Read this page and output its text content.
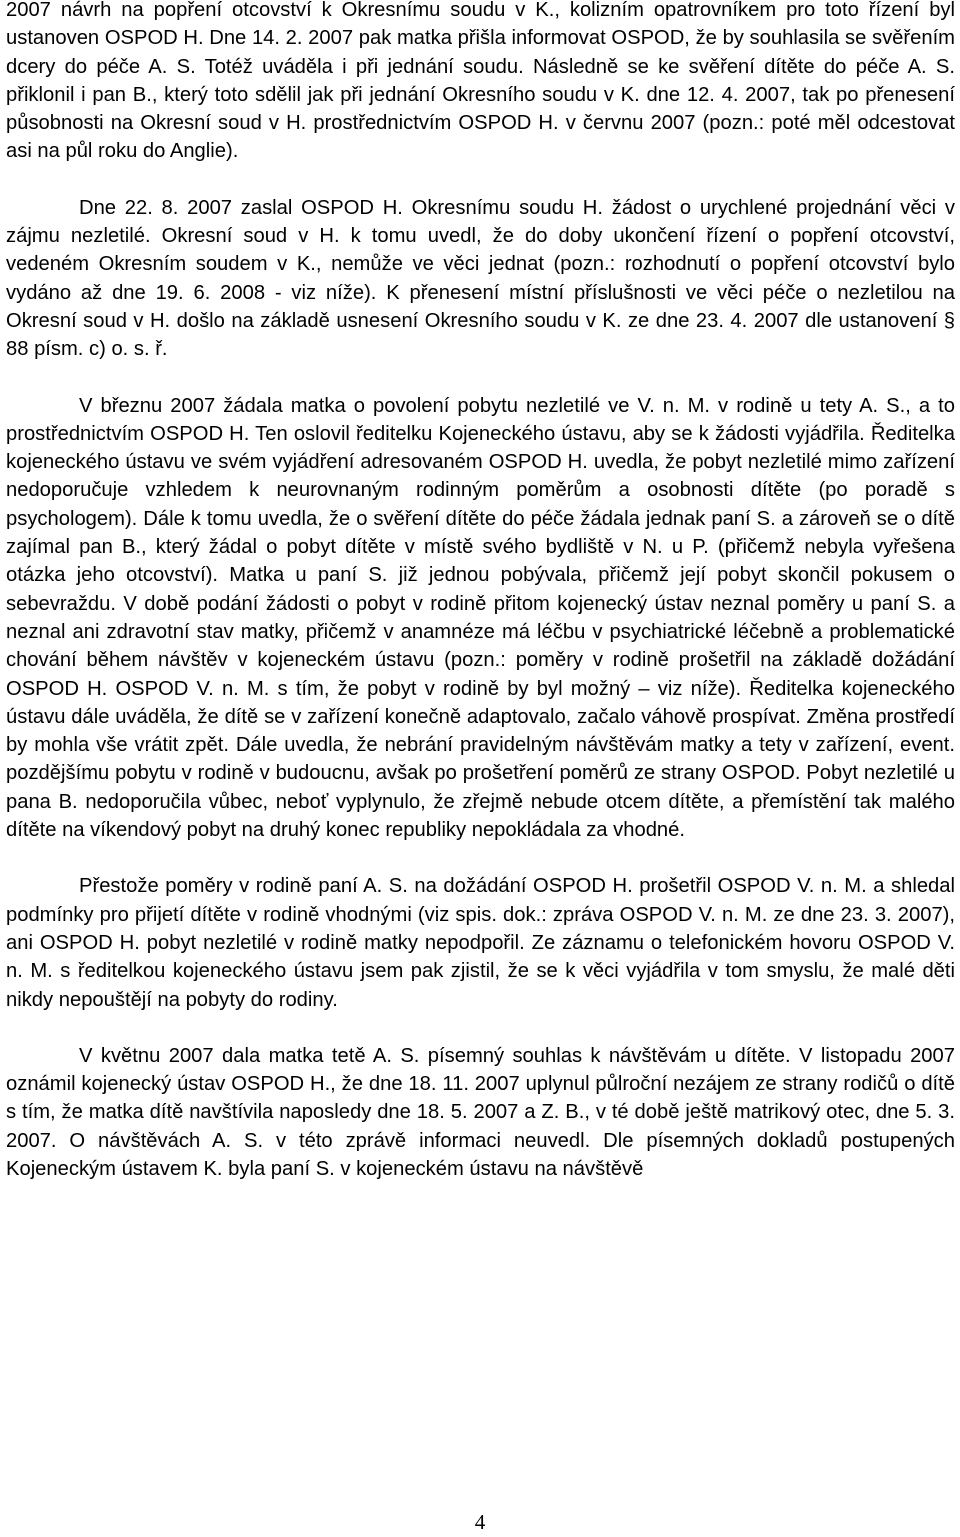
2007 návrh na popření otcovství k Okresnímu soudu v K., kolizním opatrovníkem pro toto řízení byl ustanoven OSPOD H. Dne 14. 2. 2007 pak matka přišla informovat OSPOD, že by souhlasila se svěřením dcery do péče A. S. Totéž uváděla i při jednání soudu. Následně se ke svěření dítěte do péče A. S. přiklonil i pan B., který toto sdělil jak při jednání Okresního soudu v K. dne 12. 4. 2007, tak po přenesení působnosti na Okresní soud v H. prostřednictvím OSPOD H. v červnu 2007 (pozn.: poté měl odcestovat asi na půl roku do Anglie).

Dne 22. 8. 2007 zaslal OSPOD H. Okresnímu soudu H. žádost o urychlené projednání věci v zájmu nezletilé. Okresní soud v H. k tomu uvedl, že do doby ukončení řízení o popření otcovství, vedeném Okresním soudem v K., nemůže ve věci jednat (pozn.: rozhodnutí o popření otcovství bylo vydáno až dne 19. 6. 2008 - viz níže). K přenesení místní příslušnosti ve věci péče o nezletilou na Okresní soud v H. došlo na základě usnesení Okresního soudu v K. ze dne 23. 4. 2007 dle ustanovení § 88 písm. c) o. s. ř.

V březnu 2007 žádala matka o povolení pobytu nezletilé ve V. n. M. v rodině u tety A. S., a to prostřednictvím OSPOD H. Ten oslovil ředitelku Kojeneckého ústavu, aby se k žádosti vyjádřila. Ředitelka kojeneckého ústavu ve svém vyjádření adresovaném OSPOD H. uvedla, že pobyt nezletilé mimo zařízení nedoporučuje vzhledem k neurovnaným rodinným poměrům a osobnosti dítěte (po poradě s psychologem). Dále k tomu uvedla, že o svěření dítěte do péče žádala jednak paní S. a zároveň se o dítě zajímal pan B., který žádal o pobyt dítěte v místě svého bydliště v N. u P. (přičemž nebyla vyřešena otázka jeho otcovství). Matka u paní S. již jednou pobývala, přičemž její pobyt skončil pokusem o sebevraždu. V době podání žádosti o pobyt v rodině přitom kojenecký ústav neznal poměry u paní S. a neznal ani zdravotní stav matky, přičemž v anamnéze má léčbu v psychiatrické léčebně a problematické chování během návštěv v kojeneckém ústavu (pozn.: poměry v rodině prošetřil na základě dožádání OSPOD H. OSPOD V. n. M. s tím, že pobyt v rodině by byl možný – viz níže). Ředitelka kojeneckého ústavu dále uváděla, že dítě se v zařízení konečně adaptovalo, začalo váhově prospívat. Změna prostředí by mohla vše vrátit zpět. Dále uvedla, že nebrání pravidelným návštěvám matky a tety v zařízení, event. pozdějšímu pobytu v rodině v budoucnu, avšak po prošetření poměrů ze strany OSPOD. Pobyt nezletilé u pana B. nedoporučila vůbec, neboť vyplynulo, že zřejmě nebude otcem dítěte, a přemístění tak malého dítěte na víkendový pobyt na druhý konec republiky nepokládala za vhodné.

Přestože poměry v rodině paní A. S. na dožádání OSPOD H. prošetřil OSPOD V. n. M. a shledal podmínky pro přijetí dítěte v rodině vhodnými (viz spis. dok.: zpráva OSPOD V. n. M. ze dne 23. 3. 2007), ani OSPOD H. pobyt nezletilé v rodině matky nepodpořil. Ze záznamu o telefonickém hovoru OSPOD V. n. M. s ředitelkou kojeneckého ústavu jsem pak zjistil, že se k věci vyjádřila v tom smyslu, že malé děti nikdy nepouštějí na pobyty do rodiny.

V květnu 2007 dala matka tetě A. S. písemný souhlas k návštěvám u dítěte. V listopadu 2007 oznámil kojenecký ústav OSPOD H., že dne 18. 11. 2007 uplynul půlroční nezájem ze strany rodičů o dítě s tím, že matka dítě navštívila naposledy dne 18. 5. 2007 a Z. B., v té době ještě matrikový otec, dne 5. 3. 2007. O návštěvách A. S. v této zprávě informaci neuvedl. Dle písemných dokladů postupených Kojeneckým ústavem K. byla paní S. v kojeneckém ústavu na návštěvě

4
